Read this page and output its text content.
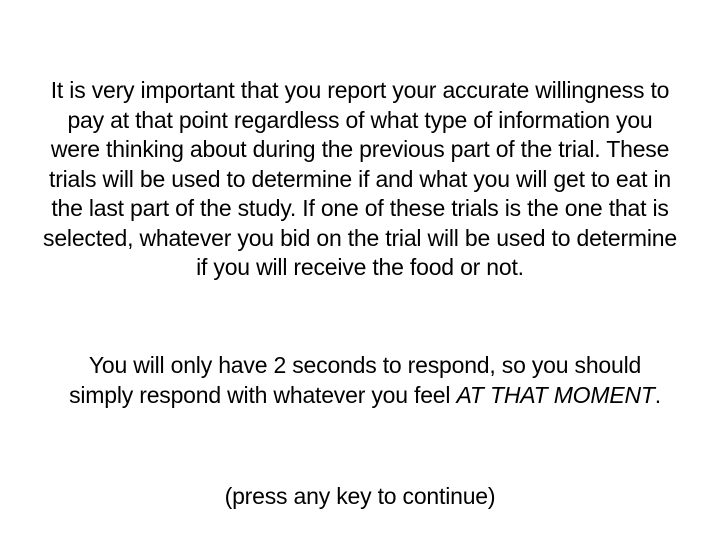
It is very important that you report your accurate willingness to pay at that point regardless of what type of information you were thinking about during the previous part of the trial. These trials will be used to determine if and what you will get to eat in the last part of the study. If one of these trials is the one that is selected, whatever you bid on the trial will be used to determine if you will receive the food or not.
You will only have 2 seconds to respond, so you should simply respond with whatever you feel AT THAT MOMENT.
(press any key to continue)
